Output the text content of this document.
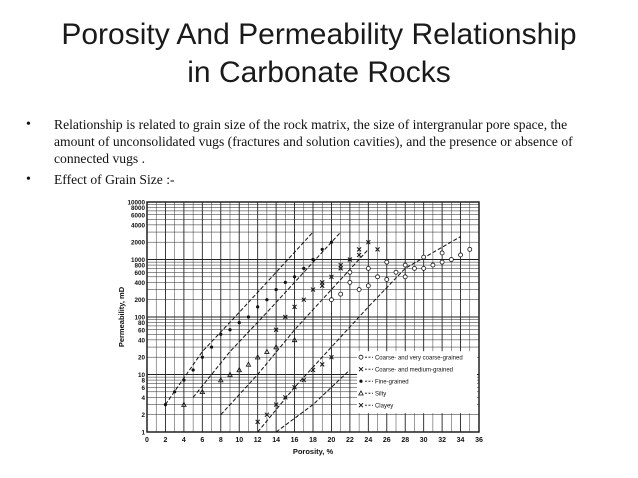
Porosity And Permeability Relationship
in Carbonate Rocks
•	Relationship is related to grain size of the rock matrix, the size of intergranular pore space, the amount of unconsolidated vugs (fractures and solution cavities), and the presence or absence of connected vugs .
•	Effect of Grain Size :-
0 2 4 6 8 10 12 14 16 18 20 22 24 26 28 30 32 34 36
1
2
4
6
8
10
20
40
60
80
100
200
400
600
800
1000
2000
4000
6000
8000
10000
Porosity, %
Permeability, mD
Coarse- and very coarse-grained
Coarse- and medium-grained
Fine-grained
Silty
Clayey
